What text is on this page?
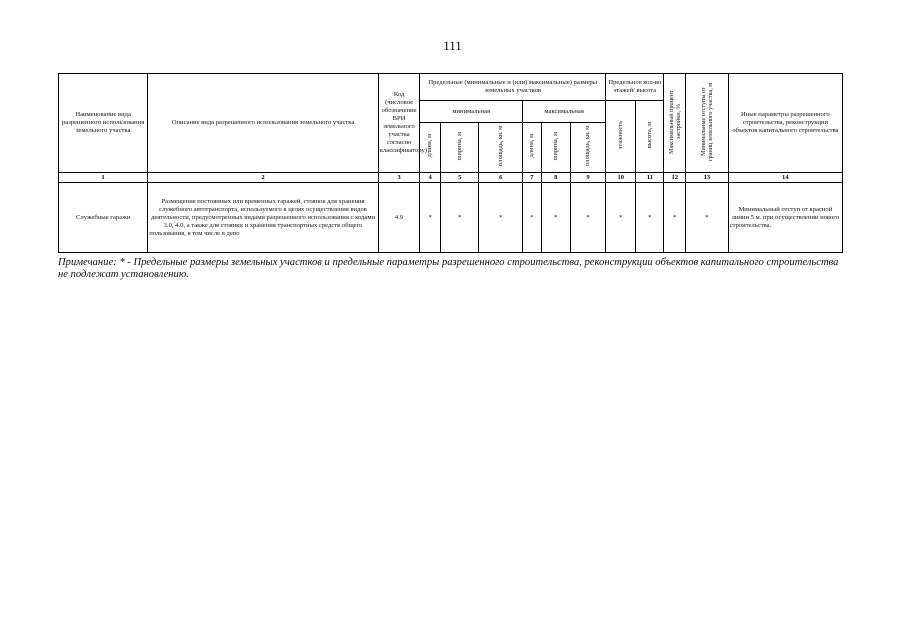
111
Наименование вида разрешенного использования земельного участка	Описание вида разрешенного использования земельного участка	Код (числовое обозначение ВРИ земельного участка согласно классификатору)	Предельные (минимальные и (или) максимальные) размеры земельных участков						Предельное кол-во этажей/ высота		Максимальный процент застройки, %	Минимальные отступы от границ земельного участка, м	Иные параметры разрешенного строительства, реконструкции объектов капитального строительства
			минимальная			максимальная			этажность	высота, м			
			длина, м	ширина, м	площадь, кв. м	длина, м	ширина, м	площадь, кв. м					
1	2	3	4	5	6	7	8	9	10	11	12	13	14
Служебные гаражи	Размещение постоянных или временных гаражей, стоянок для хранения служебного автотранспорта, используемого в целях осуществления видов деятельности, предусмотренных видами разрешенного использования с кодами 3.0, 4.0, а также для стоянки и хранения транспортных средств общего пользования, в том числе в депо	4.9	*	*	*	*	*	*	*	*	*	*	Минимальный отступ от красной линии 5 м. при осуществлении нового строительства.
Примечание: * - Предельные размеры земельных участков и предельные параметры разрешенного строительства, реконструкции объектов капитального строительства не подлежат установлению.
